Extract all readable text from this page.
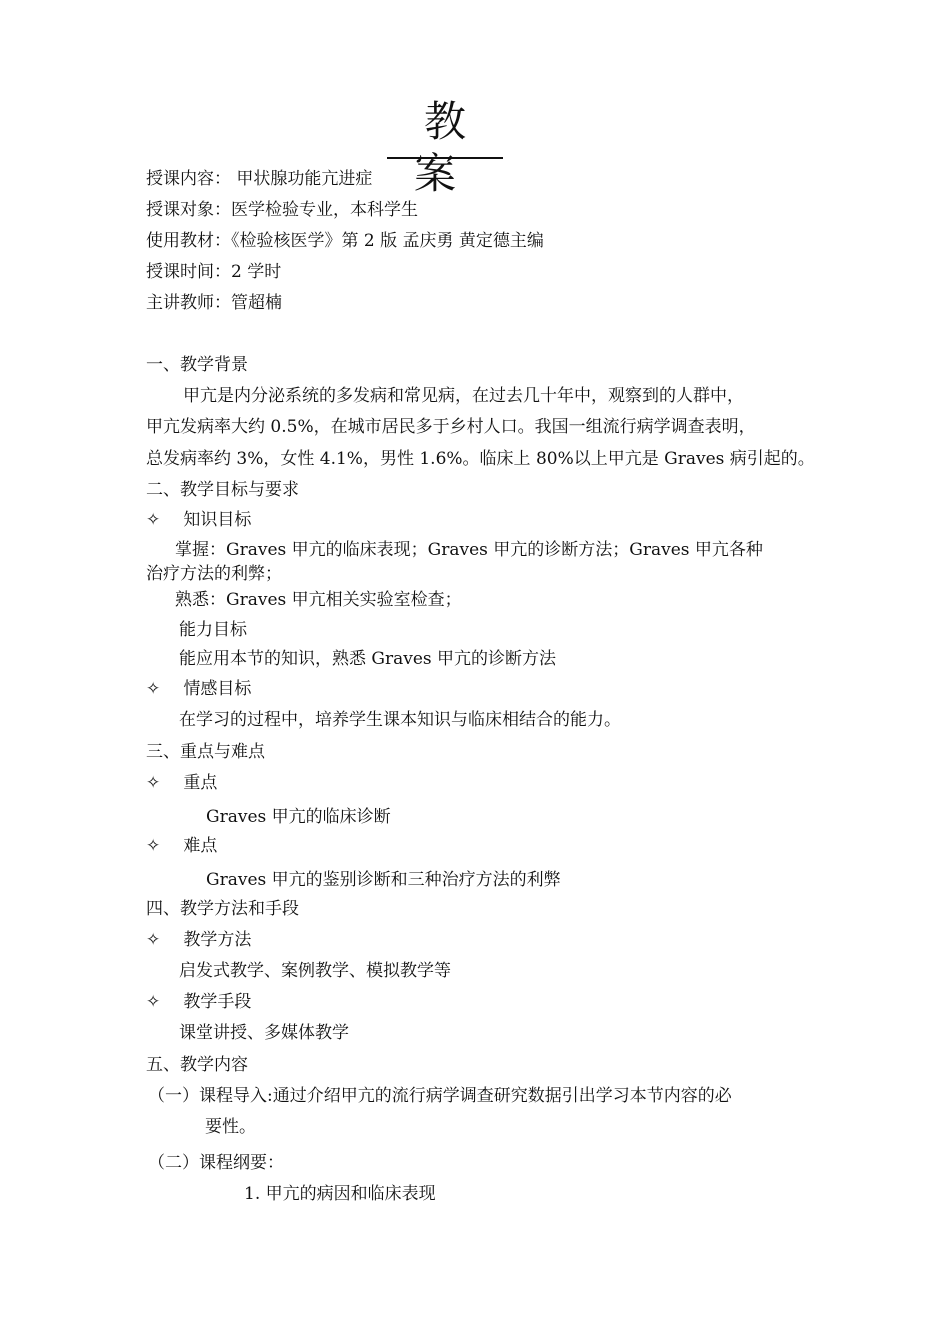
教 案
授课内容： 甲状腺功能亢进症
授课对象：医学检验专业，本科学生
使用教材：《检验核医学》第 2 版 孟庆勇 黄定德主编
授课时间：2 学时
主讲教师：管超楠
一、教学背景
甲亢是内分泌系统的多发病和常见病，在过去几十年中，观察到的人群中，
甲亢发病率大约 0.5%，在城市居民多于乡村人口。我国一组流行病学调查表明，
总发病率约 3%，女性 4.1%，男性 1.6%。临床上 80%以上甲亢是 Graves 病引起的。
二、教学目标与要求
✧ 知识目标
掌握：Graves 甲亢的临床表现；Graves 甲亢的诊断方法；Graves 甲亢各种
治疗方法的利弊；
熟悉：Graves 甲亢相关实验室检查；
能力目标
能应用本节的知识，熟悉 Graves 甲亢的诊断方法
✧ 情感目标
在学习的过程中，培养学生课本知识与临床相结合的能力。
三、重点与难点
✧ 重点
Graves 甲亢的临床诊断
✧ 难点
Graves 甲亢的鉴别诊断和三种治疗方法的利弊
四、教学方法和手段
✧ 教学方法
启发式教学、案例教学、模拟教学等
✧ 教学手段
课堂讲授、多媒体教学
五、教学内容
（一）课程导入:通过介绍甲亢的流行病学调查研究数据引出学习本节内容的必
要性。
（二）课程纲要：
1. 甲亢的病因和临床表现
